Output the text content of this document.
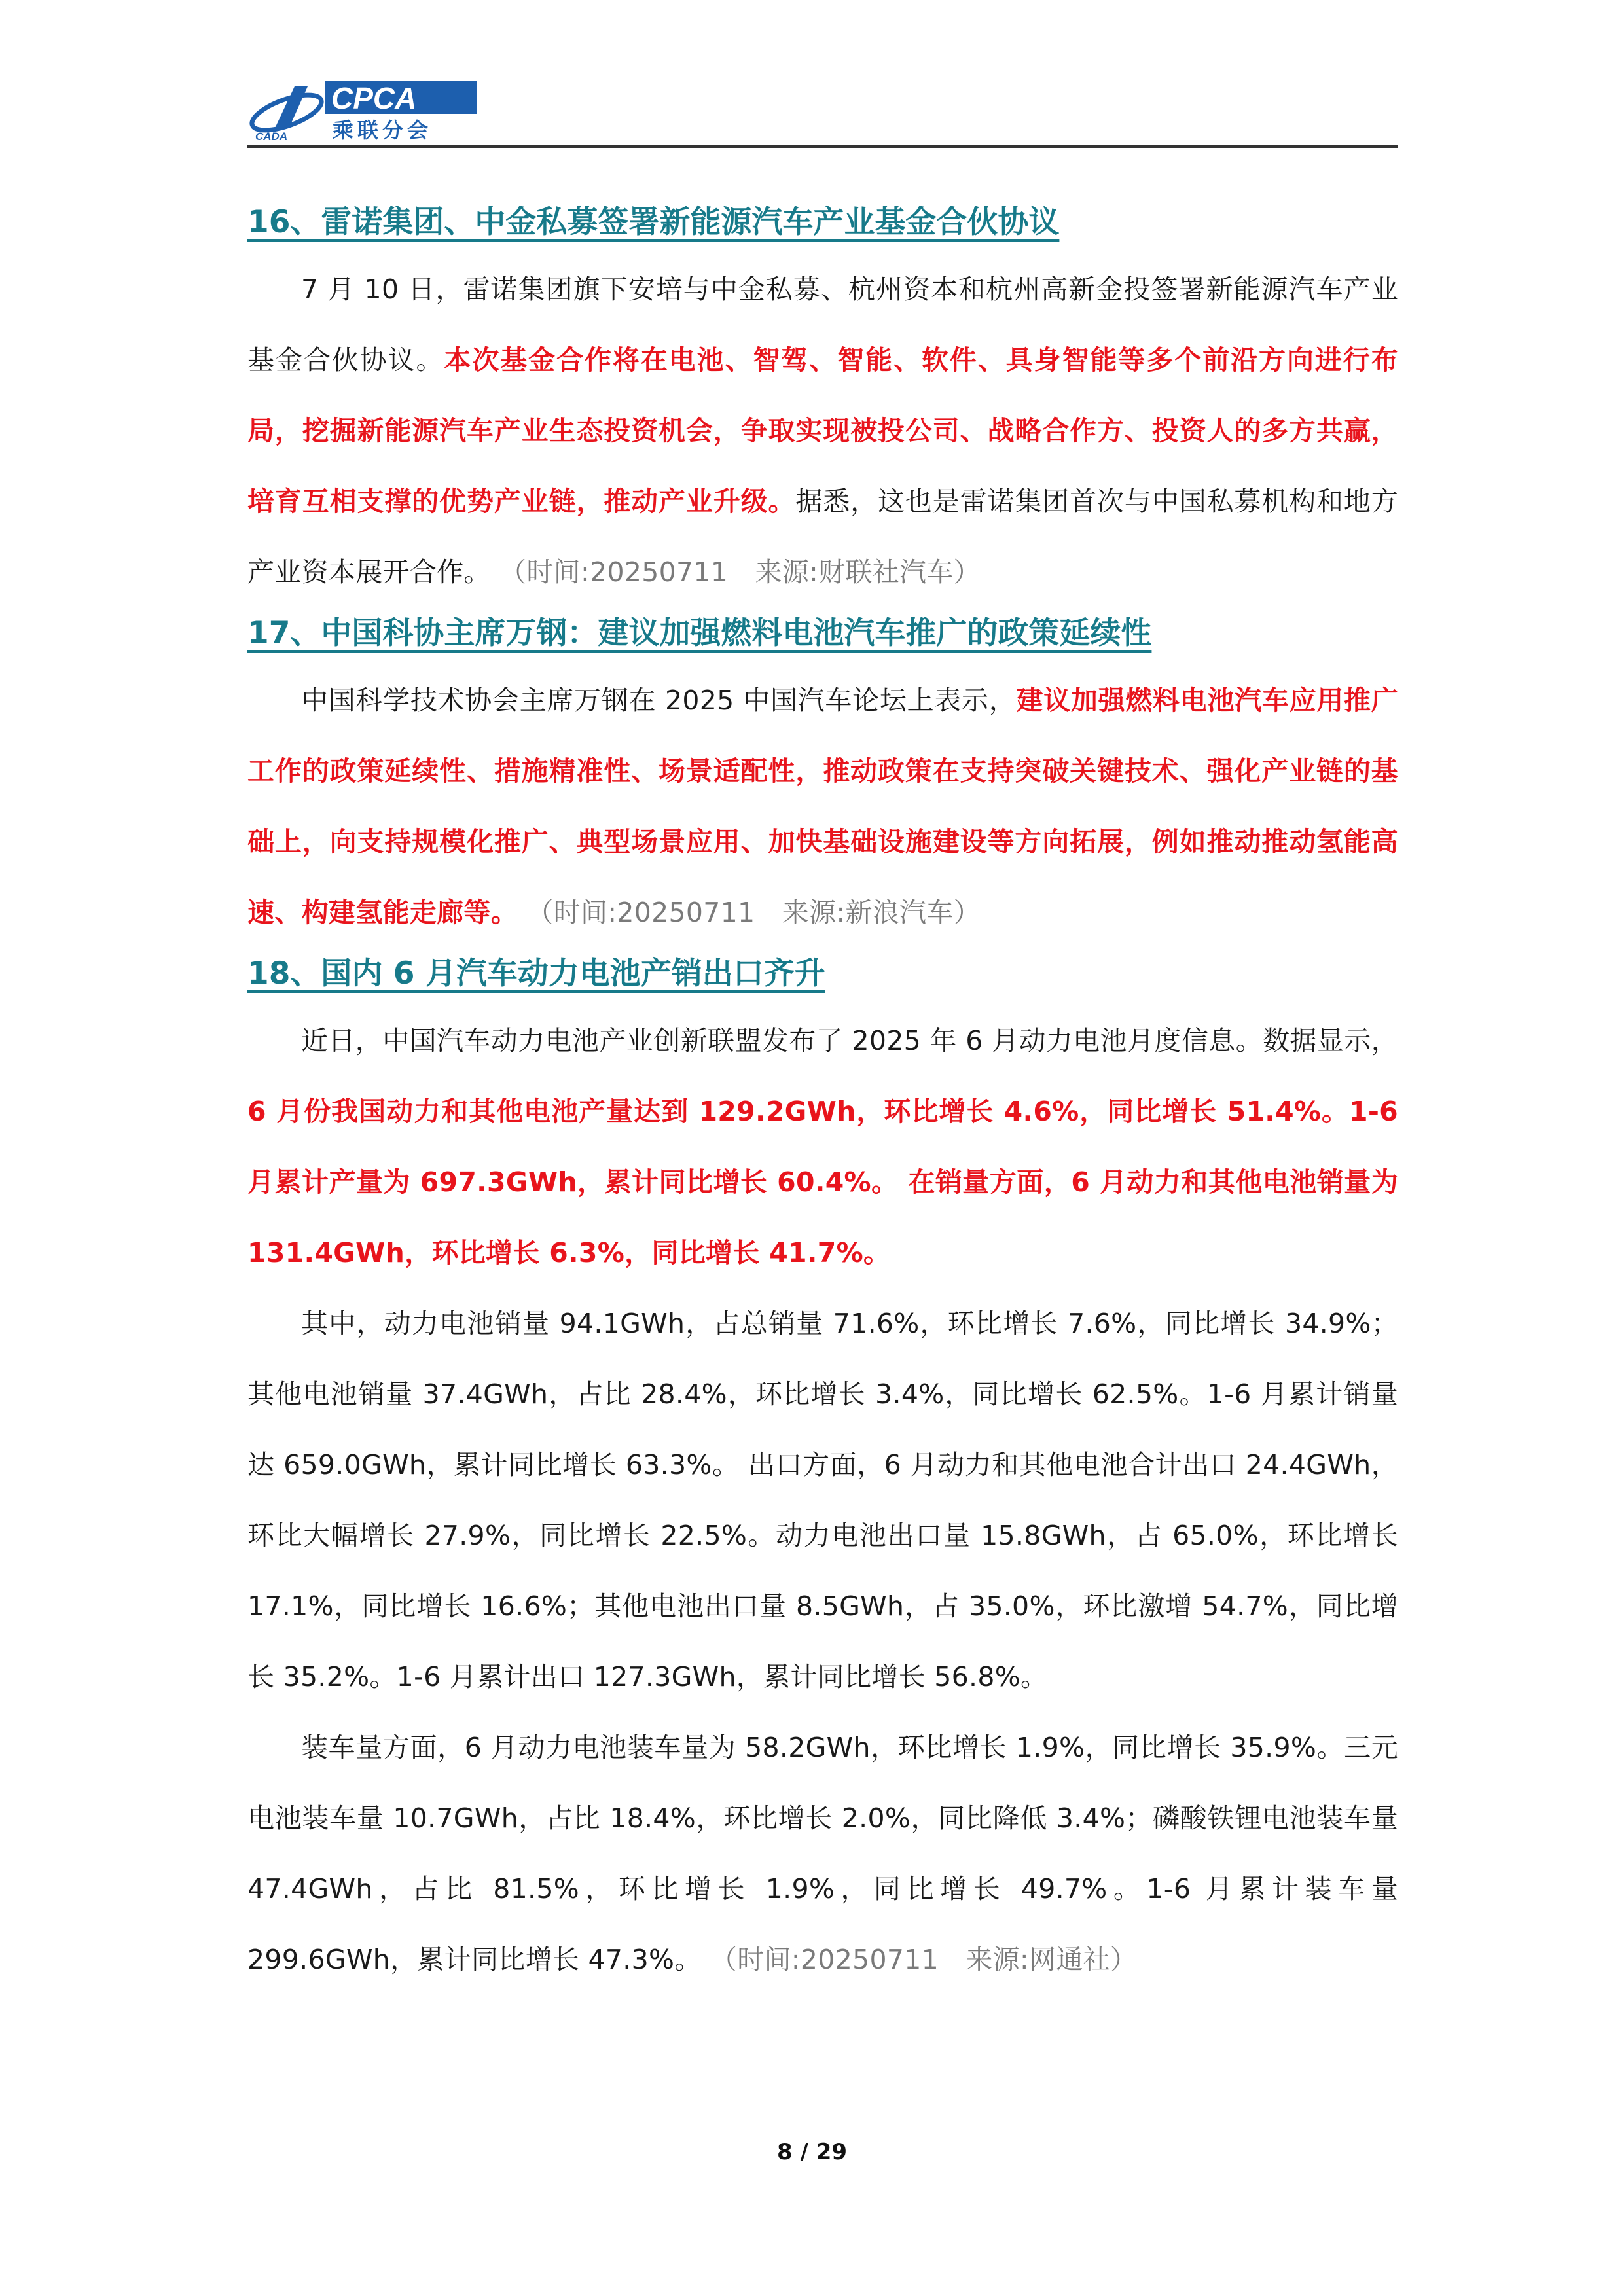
CPCA
CADA 乘联分会
16、雷诺集团、中金私募签署新能源汽车产业基金合伙协议

7 月 10 日，雷诺集团旗下安培与中金私募、杭州资本和杭州高新金投签署新能源汽车产业基金合伙协议。本次基金合作将在电池、智驾、智能、软件、具身智能等多个前沿方向进行布局，挖掘新能源汽车产业生态投资机会，争取实现被投公司、战略合作方、投资人的多方共赢，培育互相支撑的优势产业链，推动产业升级。据悉，这也是雷诺集团首次与中国私募机构和地方产业资本展开合作。 （时间:20250711　来源:财联社汽车）

17、中国科协主席万钢：建议加强燃料电池汽车推广的政策延续性

中国科学技术协会主席万钢在 2025 中国汽车论坛上表示，建议加强燃料电池汽车应用推广工作的政策延续性、措施精准性、场景适配性，推动政策在支持突破关键技术、强化产业链的基础上，向支持规模化推广、典型场景应用、加快基础设施建设等方向拓展，例如推动推动氢能高速、构建氢能走廊等。 （时间:20250711　来源:新浪汽车）

18、国内 6 月汽车动力电池产销出口齐升

近日，中国汽车动力电池产业创新联盟发布了 2025 年 6 月动力电池月度信息。数据显示，6 月份我国动力和其他电池产量达到 129.2GWh，环比增长 4.6%，同比增长 51.4%。1-6 月累计产量为 697.3GWh，累计同比增长 60.4%。 在销量方面，6 月动力和其他电池销量为 131.4GWh，环比增长 6.3%，同比增长 41.7%。

其中，动力电池销量 94.1GWh，占总销量 71.6%，环比增长 7.6%，同比增长 34.9%；其他电池销量 37.4GWh，占比 28.4%，环比增长 3.4%，同比增长 62.5%。1-6 月累计销量达 659.0GWh，累计同比增长 63.3%。 出口方面，6 月动力和其他电池合计出口 24.4GWh，环比大幅增长 27.9%，同比增长 22.5%。动力电池出口量 15.8GWh，占 65.0%，环比增长 17.1%，同比增长 16.6%；其他电池出口量 8.5GWh，占 35.0%，环比激增 54.7%，同比增长 35.2%。1-6 月累计出口 127.3GWh，累计同比增长 56.8%。

装车量方面，6 月动力电池装车量为 58.2GWh，环比增长 1.9%，同比增长 35.9%。三元电池装车量 10.7GWh，占比 18.4%，环比增长 2.0%，同比降低 3.4%；磷酸铁锂电池装车量 47.4GWh，占比 81.5%，环比增长 1.9%，同比增长 49.7%。1-6 月累计装车量 299.6GWh，累计同比增长 47.3%。 （时间:20250711　来源:网通社）

8 / 29
